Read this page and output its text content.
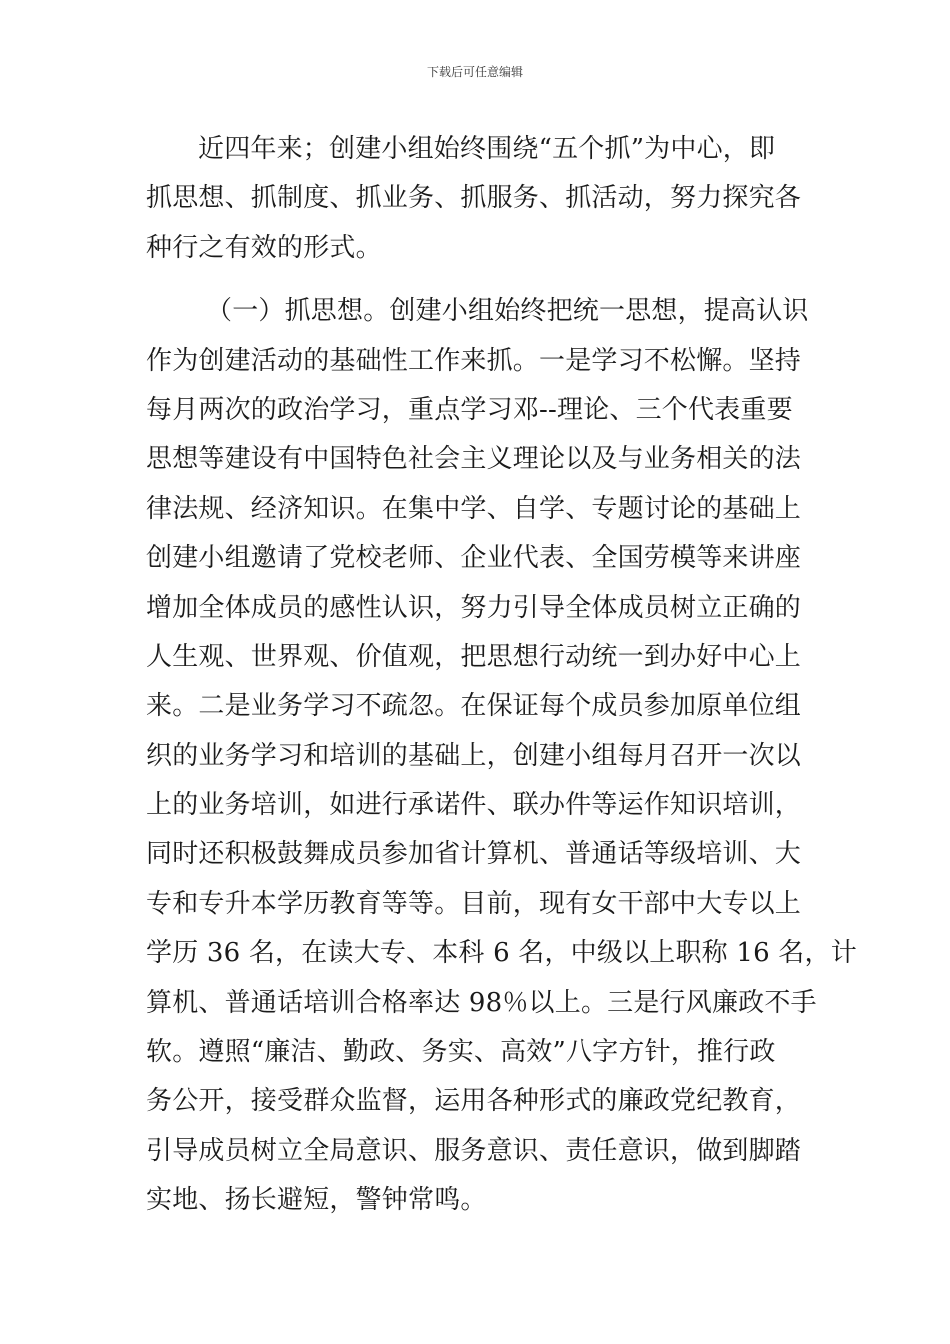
下载后可任意编辑
近四年来；创建小组始终围绕“五个抓”为中心，即
抓思想、抓制度、抓业务、抓服务、抓活动，努力探究各
种行之有效的形式。
（一）抓思想。创建小组始终把统一思想，提高认识
作为创建活动的基础性工作来抓。一是学习不松懈。坚持
每月两次的政治学习，重点学习邓--理论、三个代表重要
思想等建设有中国特色社会主义理论以及与业务相关的法
律法规、经济知识。在集中学、自学、专题讨论的基础上
创建小组邀请了党校老师、企业代表、全国劳模等来讲座
增加全体成员的感性认识，努力引导全体成员树立正确的
人生观、世界观、价值观，把思想行动统一到办好中心上
来。二是业务学习不疏忽。在保证每个成员参加原单位组
织的业务学习和培训的基础上，创建小组每月召开一次以
上的业务培训，如进行承诺件、联办件等运作知识培训，
同时还积极鼓舞成员参加省计算机、普通话等级培训、大
专和专升本学历教育等等。目前，现有女干部中大专以上
学历 36 名，在读大专、本科 6 名，中级以上职称 16 名，计
算机、普通话培训合格率达 98％以上。三是行风廉政不手
软。遵照“廉洁、勤政、务实、高效”八字方针，推行政
务公开，接受群众监督，运用各种形式的廉政党纪教育，
引导成员树立全局意识、服务意识、责任意识，做到脚踏
实地、扬长避短，警钟常鸣。
